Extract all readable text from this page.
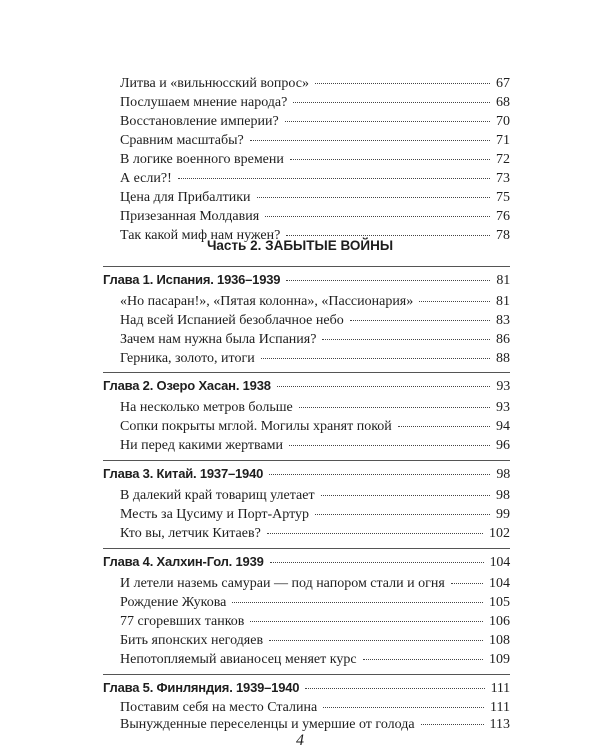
Литва и «вильнюсский вопрос»	67
Послушаем мнение народа?	68
Восстановление империи?	70
Сравним масштабы?	71
В логике военного времени	72
А если?!	73
Цена для Прибалтики	75
Призезанная Молдавия	76
Так какой миф нам нужен?	78
Часть 2. ЗАБЫТЫЕ ВОЙНЫ
Глава 1. Испания. 1936–1939	81
«Но пасаран!», «Пятая колонна», «Пассионария»	81
Над всей Испанией безоблачное небо	83
Зачем нам нужна была Испания?	86
Герника, золото, итоги	88
Глава 2. Озеро Хасан. 1938	93
На несколько метров больше	93
Сопки покрыты мглой. Могилы хранят покой	94
Ни перед какими жертвами	96
Глава 3. Китай. 1937–1940	98
В далекий край товарищ улетает	98
Месть за Цусиму и Порт-Артур	99
Кто вы, летчик Китаев?	102
Глава 4. Халхин-Гол. 1939	104
И летели наземь самураи — под напором стали и огня	104
Рождение Жукова	105
77 сгоревших танков	106
Бить японских негодяев	108
Непотопляемый авианосец меняет курс	109
Глава 5. Финляндия. 1939–1940	111
Поставим себя на место Сталина	111
Вынужденные переселенцы и умершие от голода	113
4
